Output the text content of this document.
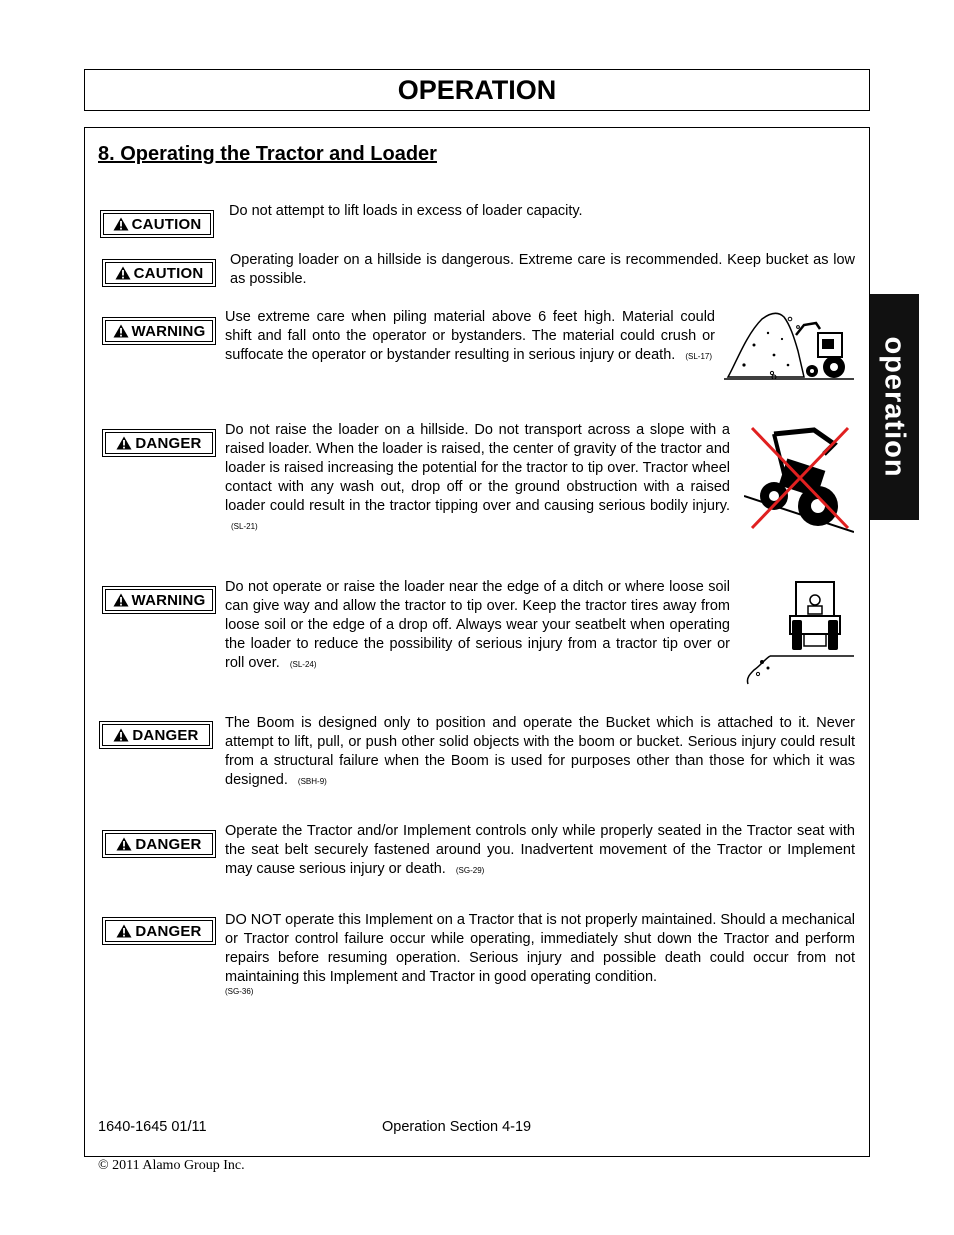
OPERATION
operation
8. Operating the Tractor and Loader
CAUTION
Do not attempt to lift loads in excess of loader capacity.
CAUTION
Operating loader on a hillside is dangerous. Extreme care is recommended. Keep bucket as low as possible.
WARNING
Use extreme care when piling material above 6 feet high. Material could shift and fall onto the operator or bystanders. The material could crush or suffocate the operator or bystander resulting in serious injury or death. (SL-17)
DANGER
Do not raise the loader on a hillside. Do not transport across a slope with a raised loader. When the loader is raised, the center of gravity of the tractor and loader is raised increasing the potential for the tractor to tip over. Tractor wheel contact with any wash out, drop off or the ground obstruction with a raised loader could result in the tractor tipping over and causing serious bodily injury. (SL-21)
WARNING
Do not operate or raise the loader near the edge of a ditch or where loose soil can give way and allow the tractor to tip over. Keep the tractor tires away from loose soil or the edge of a drop off. Always wear your seatbelt when operating the loader to reduce the possibility of serious injury from a tractor tip over or roll over. (SL-24)
DANGER
The Boom is designed only to position and operate the Bucket which is attached to it. Never attempt to lift, pull, or push other solid objects with the boom or bucket. Serious injury could result from a structural failure when the Boom is used for purposes other than those for which it was designed. (SBH-9)
DANGER
Operate the Tractor and/or Implement controls only while properly seated in the Tractor seat with the seat belt securely fastened around you. Inadvertent movement of the Tractor or Implement may cause serious injury or death. (SG-29)
DANGER
DO NOT operate this Implement on a Tractor that is not properly maintained. Should a mechanical or Tractor control failure occur while operating, immediately shut down the Tractor and perform repairs before resuming operation. Serious injury and possible death could occur from not maintaining this Implement and Tractor in good operating condition.
$^{(SG-36)}$
1640-1645 01/11	Operation Section 4-19
© 2011 Alamo Group Inc.
